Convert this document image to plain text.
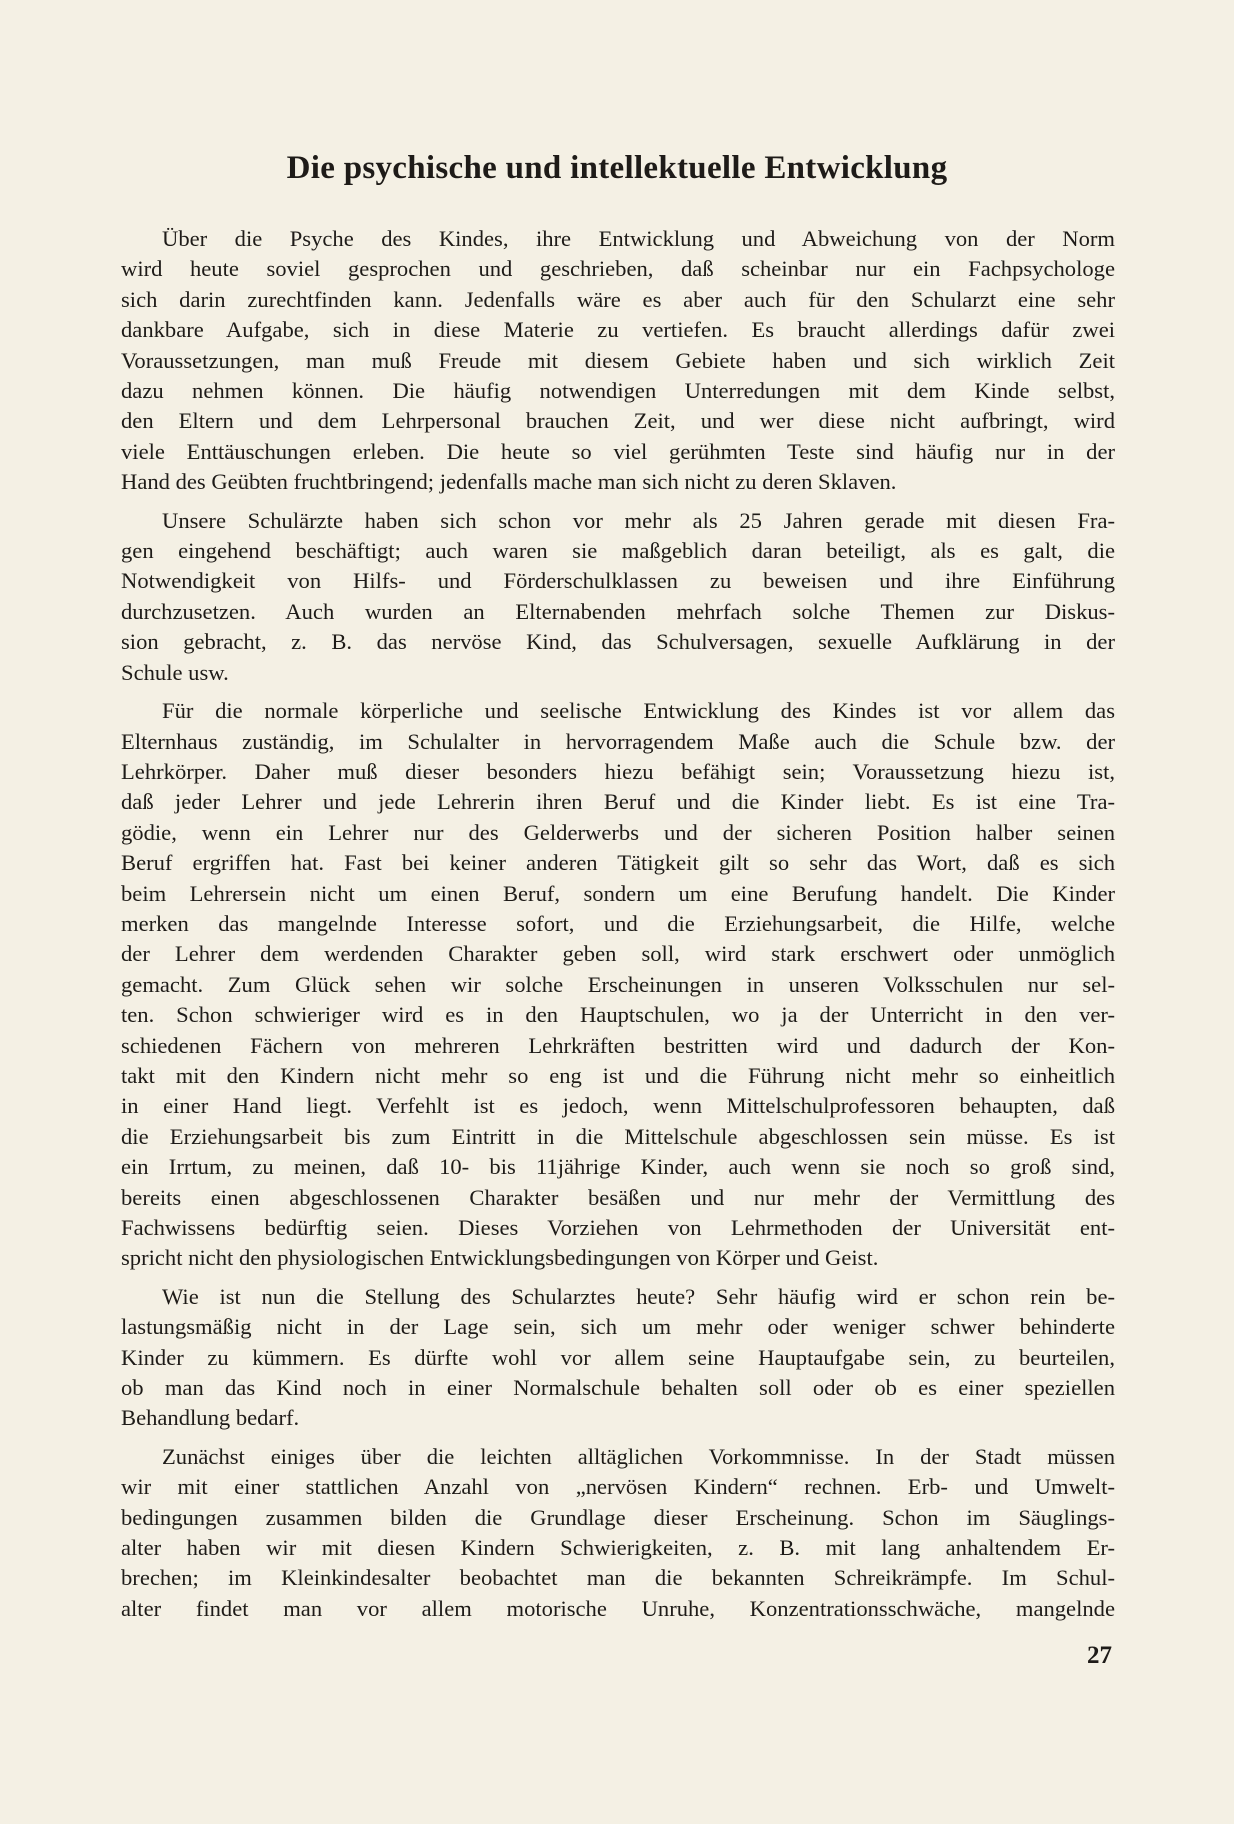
Die psychische und intellektuelle Entwicklung

Über die Psyche des Kindes, ihre Entwicklung und Abweichung von der Norm
wird heute soviel gesprochen und geschrieben, daß scheinbar nur ein Fachpsychologe
sich darin zurechtfinden kann. Jedenfalls wäre es aber auch für den Schularzt eine sehr
dankbare Aufgabe, sich in diese Materie zu vertiefen. Es braucht allerdings dafür zwei
Voraussetzungen, man muß Freude mit diesem Gebiete haben und sich wirklich Zeit
dazu nehmen können. Die häufig notwendigen Unterredungen mit dem Kinde selbst,
den Eltern und dem Lehrpersonal brauchen Zeit, und wer diese nicht aufbringt, wird
viele Enttäuschungen erleben. Die heute so viel gerühmten Teste sind häufig nur in der
Hand des Geübten fruchtbringend; jedenfalls mache man sich nicht zu deren Sklaven.

Unsere Schulärzte haben sich schon vor mehr als 25 Jahren gerade mit diesen Fra-
gen eingehend beschäftigt; auch waren sie maßgeblich daran beteiligt, als es galt, die
Notwendigkeit von Hilfs- und Förderschulklassen zu beweisen und ihre Einführung
durchzusetzen. Auch wurden an Elternabenden mehrfach solche Themen zur Diskus-
sion gebracht, z. B. das nervöse Kind, das Schulversagen, sexuelle Aufklärung in der
Schule usw.

Für die normale körperliche und seelische Entwicklung des Kindes ist vor allem das
Elternhaus zuständig, im Schulalter in hervorragendem Maße auch die Schule bzw. der
Lehrkörper. Daher muß dieser besonders hiezu befähigt sein; Voraussetzung hiezu ist,
daß jeder Lehrer und jede Lehrerin ihren Beruf und die Kinder liebt. Es ist eine Tra-
gödie, wenn ein Lehrer nur des Gelderwerbs und der sicheren Position halber seinen
Beruf ergriffen hat. Fast bei keiner anderen Tätigkeit gilt so sehr das Wort, daß es sich
beim Lehrersein nicht um einen Beruf, sondern um eine Berufung handelt. Die Kinder
merken das mangelnde Interesse sofort, und die Erziehungsarbeit, die Hilfe, welche
der Lehrer dem werdenden Charakter geben soll, wird stark erschwert oder unmöglich
gemacht. Zum Glück sehen wir solche Erscheinungen in unseren Volksschulen nur sel-
ten. Schon schwieriger wird es in den Hauptschulen, wo ja der Unterricht in den ver-
schiedenen Fächern von mehreren Lehrkräften bestritten wird und dadurch der Kon-
takt mit den Kindern nicht mehr so eng ist und die Führung nicht mehr so einheitlich
in einer Hand liegt. Verfehlt ist es jedoch, wenn Mittelschulprofessoren behaupten, daß
die Erziehungsarbeit bis zum Eintritt in die Mittelschule abgeschlossen sein müsse. Es ist
ein Irrtum, zu meinen, daß 10- bis 11jährige Kinder, auch wenn sie noch so groß sind,
bereits einen abgeschlossenen Charakter besäßen und nur mehr der Vermittlung des
Fachwissens bedürftig seien. Dieses Vorziehen von Lehrmethoden der Universität ent-
spricht nicht den physiologischen Entwicklungsbedingungen von Körper und Geist.

Wie ist nun die Stellung des Schularztes heute? Sehr häufig wird er schon rein be-
lastungsmäßig nicht in der Lage sein, sich um mehr oder weniger schwer behinderte
Kinder zu kümmern. Es dürfte wohl vor allem seine Hauptaufgabe sein, zu beurteilen,
ob man das Kind noch in einer Normalschule behalten soll oder ob es einer speziellen
Behandlung bedarf.

Zunächst einiges über die leichten alltäglichen Vorkommnisse. In der Stadt müssen
wir mit einer stattlichen Anzahl von „nervösen Kindern“ rechnen. Erb- und Umwelt-
bedingungen zusammen bilden die Grundlage dieser Erscheinung. Schon im Säuglings-
alter haben wir mit diesen Kindern Schwierigkeiten, z. B. mit lang anhaltendem Er-
brechen; im Kleinkindesalter beobachtet man die bekannten Schreikrämpfe. Im Schul-
alter findet man vor allem motorische Unruhe, Konzentrationsschwäche, mangelnde

27
